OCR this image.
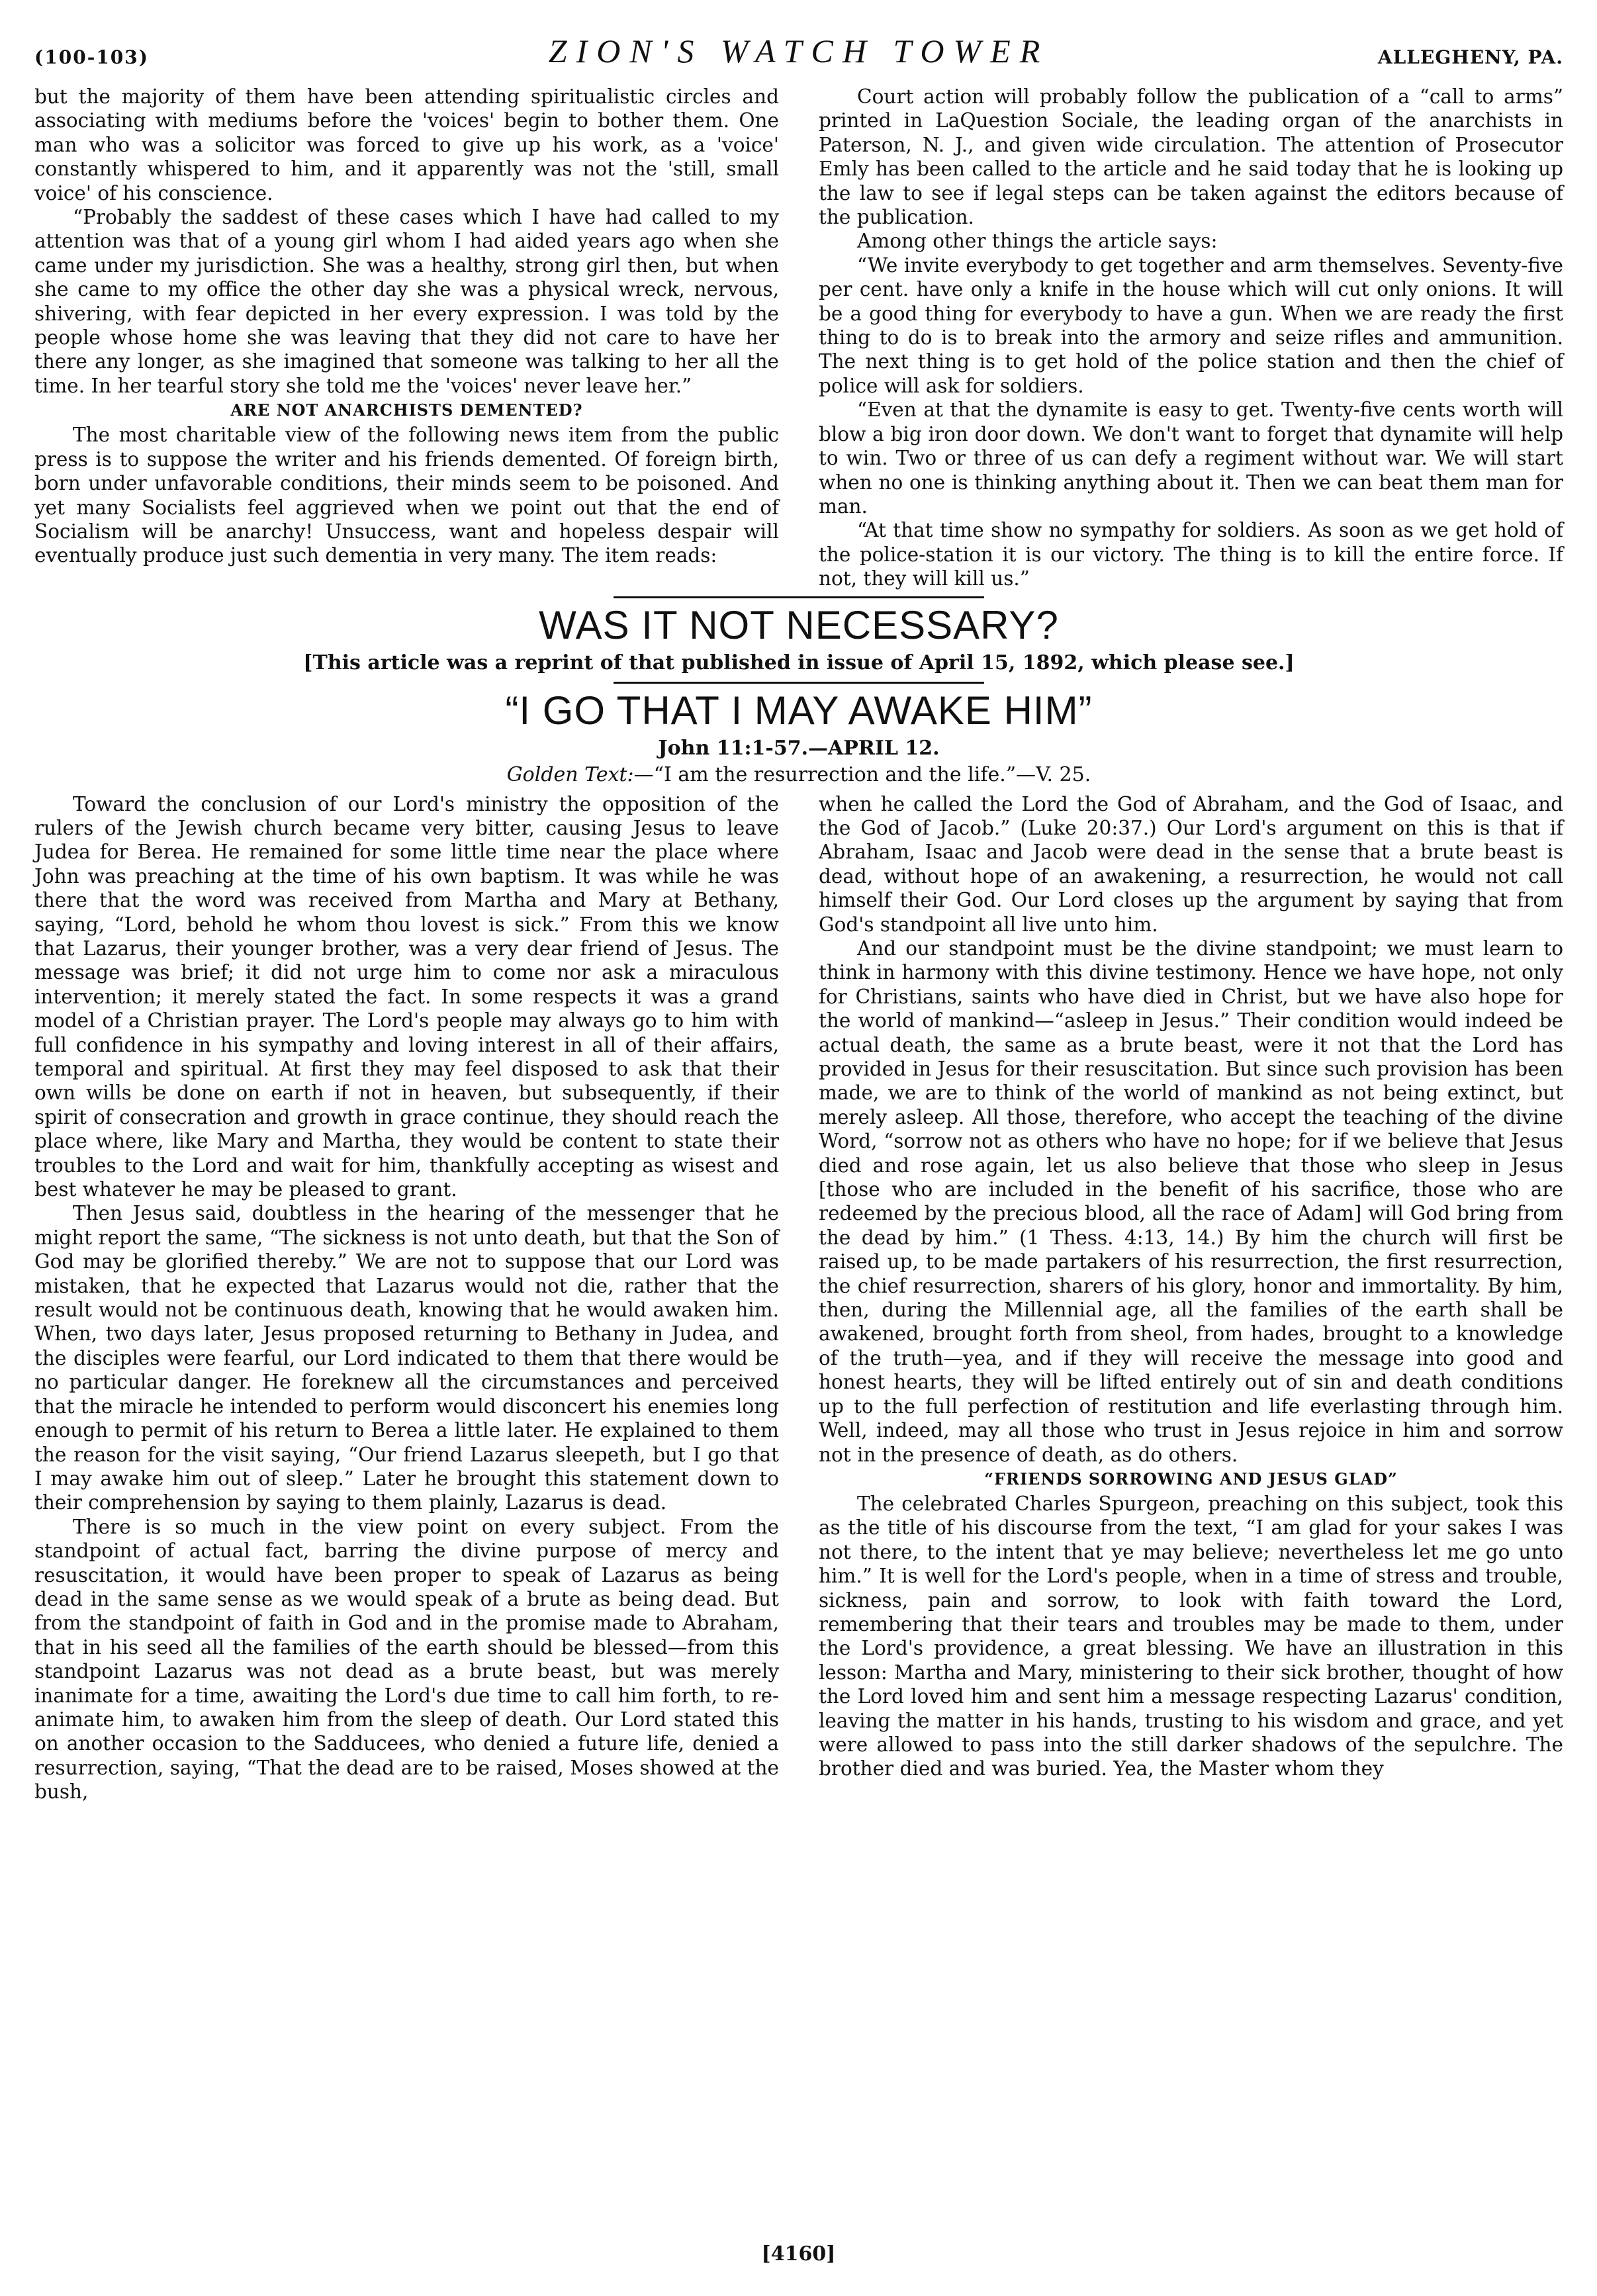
(100-103)	ZION'S WATCH TOWER	ALLEGHENY, PA.

but the majority of them have been attending spiritualistic circles and associating with mediums before the 'voices' begin to bother them. One man who was a solicitor was forced to give up his work, as a 'voice' constantly whispered to him, and it apparently was not the 'still, small voice' of his conscience.

“Probably the saddest of these cases which I have had called to my attention was that of a young girl whom I had aided years ago when she came under my jurisdiction. She was a healthy, strong girl then, but when she came to my office the other day she was a physical wreck, nervous, shivering, with fear depicted in her every expression. I was told by the people whose home she was leaving that they did not care to have her there any longer, as she imagined that someone was talking to her all the time. In her tearful story she told me the 'voices' never leave her.”

ARE NOT ANARCHISTS DEMENTED?

The most charitable view of the following news item from the public press is to suppose the writer and his friends demented. Of foreign birth, born under unfavorable conditions, their minds seem to be poisoned. And yet many Socialists feel aggrieved when we point out that the end of Socialism will be anarchy! Unsuccess, want and hopeless despair will eventually produce just such dementia in very many. The item reads:

Court action will probably follow the publication of a “call to arms” printed in LaQuestion Sociale, the leading organ of the anarchists in Paterson, N. J., and given wide circulation. The attention of Prosecutor Emly has been called to the article and he said today that he is looking up the law to see if legal steps can be taken against the editors because of the publication.

Among other things the article says:

“We invite everybody to get together and arm themselves. Seventy-five per cent. have only a knife in the house which will cut only onions. It will be a good thing for everybody to have a gun. When we are ready the first thing to do is to break into the armory and seize rifles and ammunition. The next thing is to get hold of the police station and then the chief of police will ask for soldiers.

“Even at that the dynamite is easy to get. Twenty-five cents worth will blow a big iron door down. We don't want to forget that dynamite will help to win. Two or three of us can defy a regiment without war. We will start when no one is thinking anything about it. Then we can beat them man for man.

“At that time show no sympathy for soldiers. As soon as we get hold of the police-station it is our victory. The thing is to kill the entire force. If not, they will kill us.”

WAS IT NOT NECESSARY?
[This article was a reprint of that published in issue of April 15, 1892, which please see.]
“I GO THAT I MAY AWAKE HIM”
John 11:1-57.—APRIL 12.
Golden Text:—“I am the resurrection and the life.”—V. 25.

Toward the conclusion of our Lord's ministry the opposition of the rulers of the Jewish church became very bitter, causing Jesus to leave Judea for Berea. He remained for some little time near the place where John was preaching at the time of his own baptism. It was while he was there that the word was received from Martha and Mary at Bethany, saying, “Lord, behold he whom thou lovest is sick.” From this we know that Lazarus, their younger brother, was a very dear friend of Jesus. The message was brief; it did not urge him to come nor ask a miraculous intervention; it merely stated the fact. In some respects it was a grand model of a Christian prayer. The Lord's people may always go to him with full confidence in his sympathy and loving interest in all of their affairs, temporal and spiritual. At first they may feel disposed to ask that their own wills be done on earth if not in heaven, but subsequently, if their spirit of consecration and growth in grace continue, they should reach the place where, like Mary and Martha, they would be content to state their troubles to the Lord and wait for him, thankfully accepting as wisest and best whatever he may be pleased to grant.

Then Jesus said, doubtless in the hearing of the messenger that he might report the same, “The sickness is not unto death, but that the Son of God may be glorified thereby.” We are not to suppose that our Lord was mistaken, that he expected that Lazarus would not die, rather that the result would not be continuous death, knowing that he would awaken him. When, two days later, Jesus proposed returning to Bethany in Judea, and the disciples were fearful, our Lord indicated to them that there would be no particular danger. He foreknew all the circumstances and perceived that the miracle he intended to perform would disconcert his enemies long enough to permit of his return to Berea a little later. He explained to them the reason for the visit saying, “Our friend Lazarus sleepeth, but I go that I may awake him out of sleep.” Later he brought this statement down to their comprehension by saying to them plainly, Lazarus is dead.

There is so much in the view point on every subject. From the standpoint of actual fact, barring the divine purpose of mercy and resuscitation, it would have been proper to speak of Lazarus as being dead in the same sense as we would speak of a brute as being dead. But from the standpoint of faith in God and in the promise made to Abraham, that in his seed all the families of the earth should be blessed—from this standpoint Lazarus was not dead as a brute beast, but was merely inanimate for a time, awaiting the Lord's due time to call him forth, to re-animate him, to awaken him from the sleep of death. Our Lord stated this on another occasion to the Sadducees, who denied a future life, denied a resurrection, saying, “That the dead are to be raised, Moses showed at the bush,

when he called the Lord the God of Abraham, and the God of Isaac, and the God of Jacob.” (Luke 20:37.) Our Lord's argument on this is that if Abraham, Isaac and Jacob were dead in the sense that a brute beast is dead, without hope of an awakening, a resurrection, he would not call himself their God. Our Lord closes up the argument by saying that from God's standpoint all live unto him.

And our standpoint must be the divine standpoint; we must learn to think in harmony with this divine testimony. Hence we have hope, not only for Christians, saints who have died in Christ, but we have also hope for the world of mankind—“asleep in Jesus.” Their condition would indeed be actual death, the same as a brute beast, were it not that the Lord has provided in Jesus for their resuscitation. But since such provision has been made, we are to think of the world of mankind as not being extinct, but merely asleep. All those, therefore, who accept the teaching of the divine Word, “sorrow not as others who have no hope; for if we believe that Jesus died and rose again, let us also believe that those who sleep in Jesus [those who are included in the benefit of his sacrifice, those who are redeemed by the precious blood, all the race of Adam] will God bring from the dead by him.” (1 Thess. 4:13, 14.) By him the church will first be raised up, to be made partakers of his resurrection, the first resurrection, the chief resurrection, sharers of his glory, honor and immortality. By him, then, during the Millennial age, all the families of the earth shall be awakened, brought forth from sheol, from hades, brought to a knowledge of the truth—yea, and if they will receive the message into good and honest hearts, they will be lifted entirely out of sin and death conditions up to the full perfection of restitution and life everlasting through him. Well, indeed, may all those who trust in Jesus rejoice in him and sorrow not in the presence of death, as do others.

“FRIENDS SORROWING AND JESUS GLAD”

The celebrated Charles Spurgeon, preaching on this subject, took this as the title of his discourse from the text, “I am glad for your sakes I was not there, to the intent that ye may believe; nevertheless let me go unto him.” It is well for the Lord's people, when in a time of stress and trouble, sickness, pain and sorrow, to look with faith toward the Lord, remembering that their tears and troubles may be made to them, under the Lord's providence, a great blessing. We have an illustration in this lesson: Martha and Mary, ministering to their sick brother, thought of how the Lord loved him and sent him a message respecting Lazarus' condition, leaving the matter in his hands, trusting to his wisdom and grace, and yet were allowed to pass into the still darker shadows of the sepulchre. The brother died and was buried. Yea, the Master whom they

[4160]
